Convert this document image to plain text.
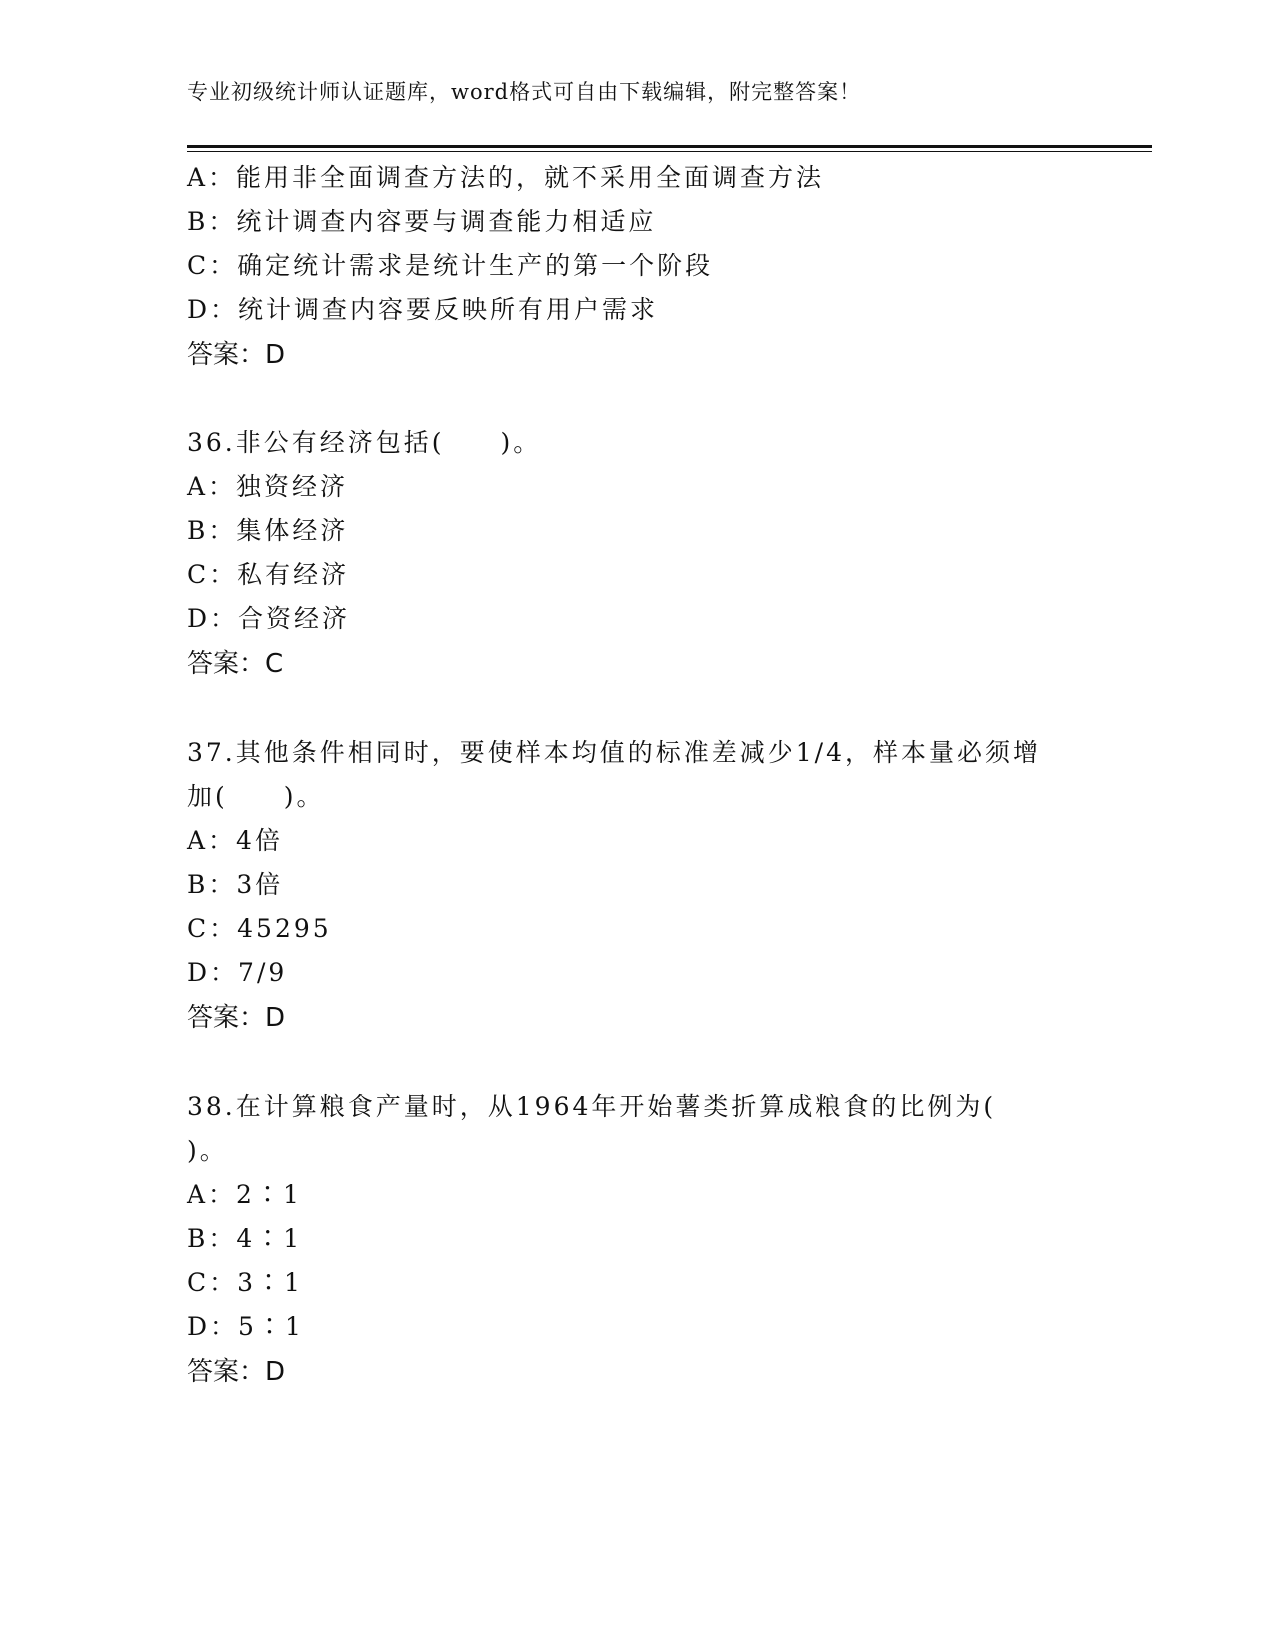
专业初级统计师认证题库，word格式可自由下载编辑，附完整答案！
A：能用非全面调查方法的，就不采用全面调查方法
B：统计调查内容要与调查能力相适应
C：确定统计需求是统计生产的第一个阶段
D：统计调查内容要反映所有用户需求
答案：D
36.非公有经济包括(　　)。
A：独资经济
B：集体经济
C：私有经济
D：合资经济
答案：C
37.其他条件相同时，要使样本均值的标准差减少1/4，样本量必须增
加(　　)。
A：4倍
B：3倍
C：45295
D：7/9
答案：D
38.在计算粮食产量时，从1964年开始薯类折算成粮食的比例为(
)。
A：2∶1
B：4∶1
C：3∶1
D：5∶1
答案：D
